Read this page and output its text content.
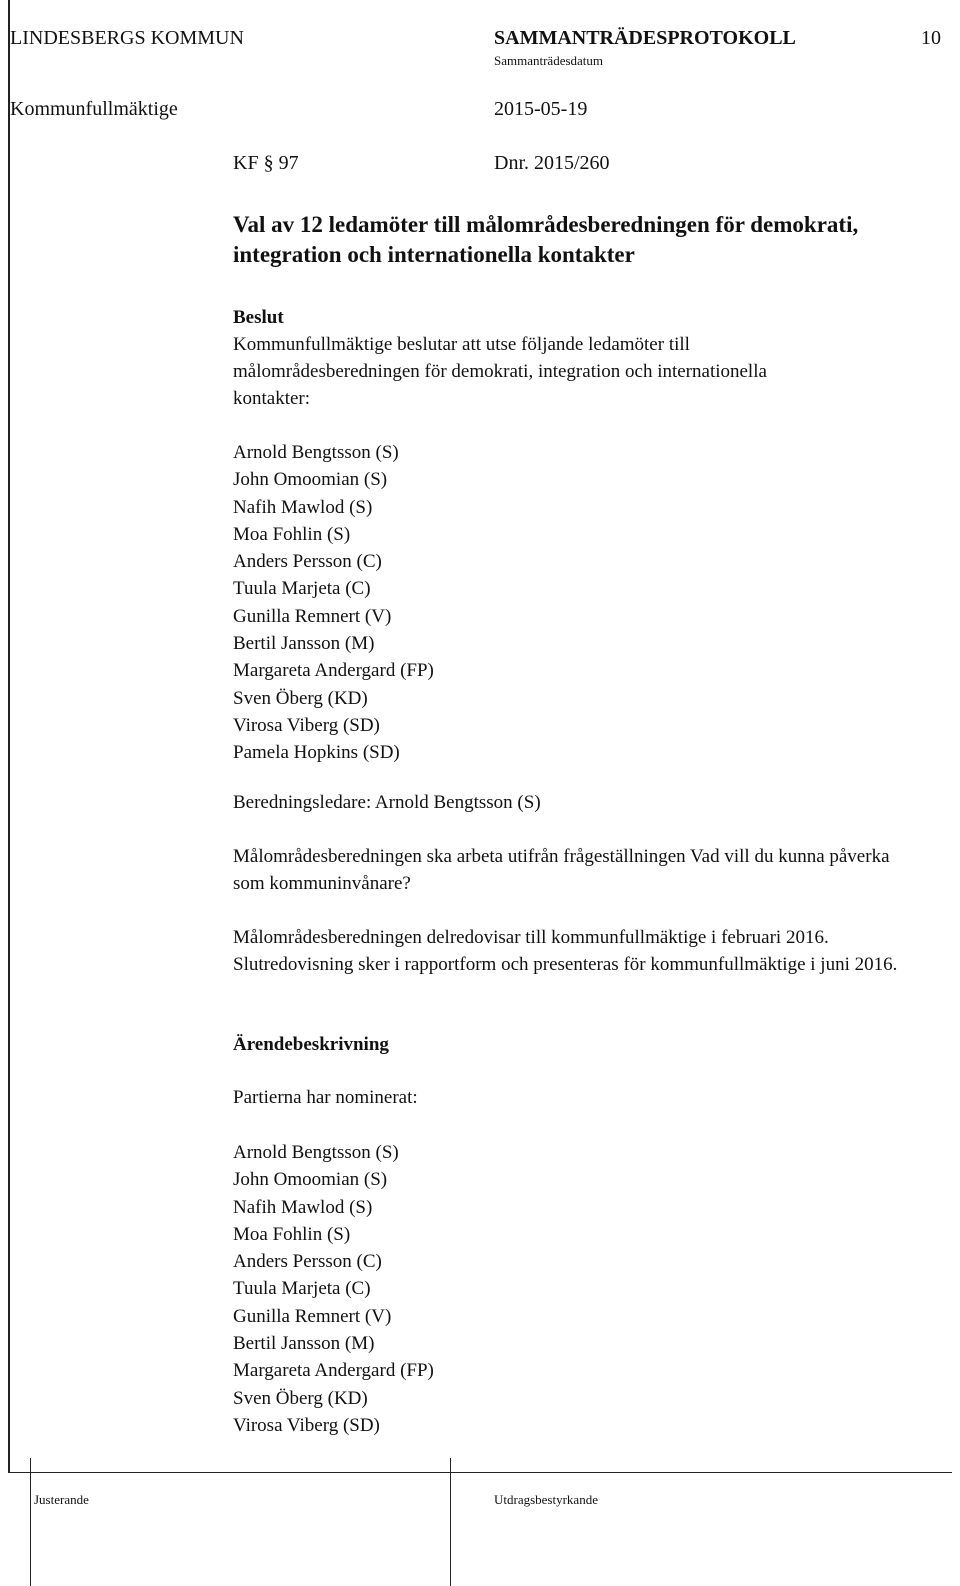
LINDESBERGS KOMMUN	SAMMANTRÄDESPROTOKOLL	10
Sammanträdesdatum
Kommunfullmäktige	2015-05-19
KF § 97	Dnr. 2015/260
Val av 12 ledamöter till målområdesberedningen för demokrati, integration och internationella kontakter
Beslut
Kommunfullmäktige beslutar att utse följande ledamöter till målområdesberedningen för demokrati, integration och internationella kontakter:
Arnold Bengtsson (S)
John Omoomian (S)
Nafih Mawlod (S)
Moa Fohlin (S)
Anders Persson (C)
Tuula Marjeta (C)
Gunilla Remnert (V)
Bertil Jansson (M)
Margareta Andergard (FP)
Sven Öberg (KD)
Virosa Viberg (SD)
Pamela Hopkins (SD)
Beredningsledare: Arnold Bengtsson (S)
Målområdesberedningen ska arbeta utifrån frågeställningen Vad vill du kunna påverka som kommuninvånare?
Målområdesberedningen delredovisar till kommunfullmäktige i februari 2016. Slutredovisning sker i rapportform och presenteras för kommunfullmäktige i juni 2016.
Ärendebeskrivning
Partierna har nominerat:
Arnold Bengtsson (S)
John Omoomian (S)
Nafih Mawlod (S)
Moa Fohlin (S)
Anders Persson (C)
Tuula Marjeta (C)
Gunilla Remnert (V)
Bertil Jansson (M)
Margareta Andergard (FP)
Sven Öberg (KD)
Virosa Viberg (SD)
Justerande	Utdragsbestyrkande
